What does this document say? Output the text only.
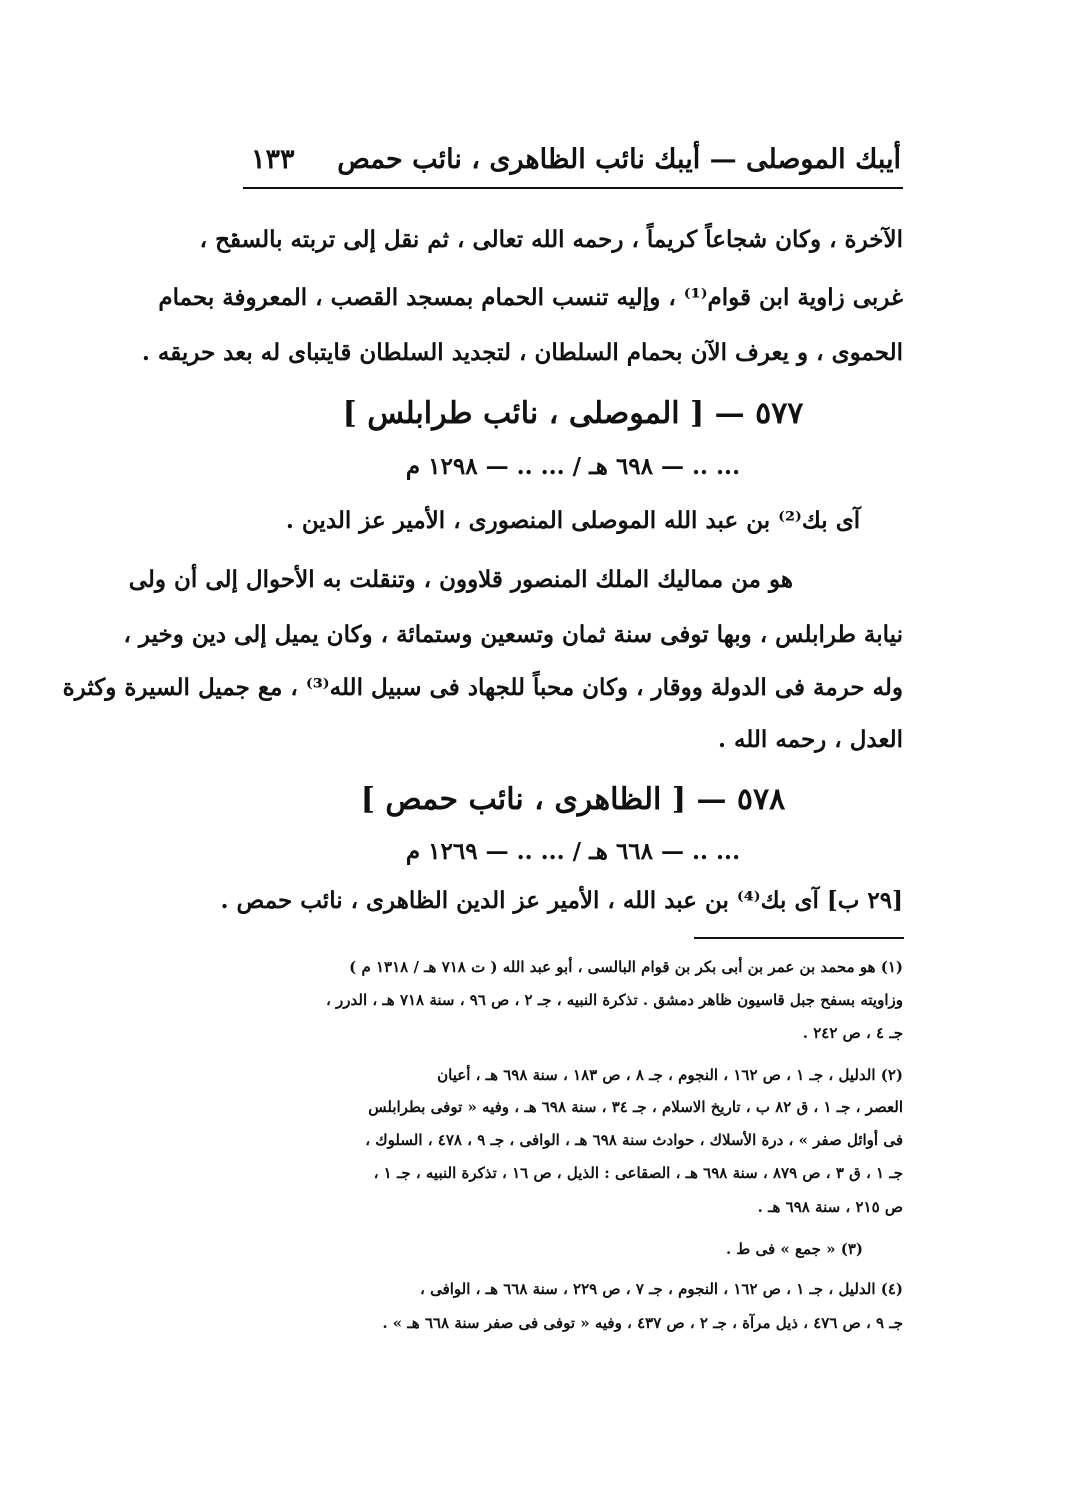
أيبك الموصلى — أيبك نائب الظاهرى ، نائب حمص
١٣٣
الآخرة ، وكان شجاعاً كريماً ، رحمه الله تعالى ، ثم نقل إلى تربته بالسفح ،
غربى زاوية ابن قوام⁽¹⁾ ، وإليه تنسب الحمام بمسجد القصب ، المعروفة بحمام
الحموى ، و يعرف الآن بحمام السلطان ، لتجديد السلطان قايتباى له بعد حريقه .
٥٧٧ — [ الموصلى ، نائب طرابلس ]
... .. — ٦٩٨ هـ / ... .. — ١٢٩٨ م
آى بك⁽²⁾ بن عبد الله الموصلى المنصورى ، الأمير عز الدين .
هو من مماليك الملك المنصور قلاوون ، وتنقلت به الأحوال إلى أن ولى
نيابة طرابلس ، وبها توفى سنة ثمان وتسعين وستمائة ، وكان يميل إلى دين وخير ،
وله حرمة فى الدولة ووقار ، وكان محباً للجهاد فى سبيل الله⁽³⁾ ، مع جميل السيرة وكثرة
العدل ، رحمه الله .
٥٧٨ — [ الظاهرى ، نائب حمص ]
... .. — ٦٦٨ هـ / ... .. — ١٢٦٩ م
[٢٩ ب] آى بك⁽⁴⁾ بن عبد الله ، الأمير عز الدين الظاهرى ، نائب حمص .
(١) هو محمد بن عمر بن أبى بكر بن قوام البالسى ، أبو عبد الله ( ت ٧١٨ هـ / ١٣١٨ م )
وزاويته بسفح جبل قاسيون ظاهر دمشق . تذكرة النبيه ، جـ ٢ ، ص ٩٦ ، سنة ٧١٨ هـ ، الدرر ،
جـ ٤ ، ص ٢٤٢ .
(٢) الدليل ، جـ ١ ، ص ١٦٢ ، النجوم ، جـ ٨ ، ص ١٨٣ ، سنة ٦٩٨ هـ ، أعيان
العصر ، جـ ١ ، ق ٨٢ ب ، تاريخ الاسلام ، جـ ٣٤ ، سنة ٦٩٨ هـ ، وفيه « توفى بطرابلس
فى أوائل صفر » ، درة الأسلاك ، حوادث سنة ٦٩٨ هـ ، الوافى ، جـ ٩ ، ٤٧٨ ، السلوك ،
جـ ١ ، ق ٣ ، ص ٨٧٩ ، سنة ٦٩٨ هـ ، الصقاعى : الذيل ، ص ١٦ ، تذكرة النبيه ، جـ ١ ،
ص ٢١٥ ، سنة ٦٩٨ هـ .
(٣) « جمع » فى ط .
(٤) الدليل ، جـ ١ ، ص ١٦٢ ، النجوم ، جـ ٧ ، ص ٢٢٩ ، سنة ٦٦٨ هـ ، الوافى ،
جـ ٩ ، ص ٤٧٦ ، ذيل مرآة ، جـ ٢ ، ص ٤٣٧ ، وفيه « توفى فى صفر سنة ٦٦٨ هـ » .
